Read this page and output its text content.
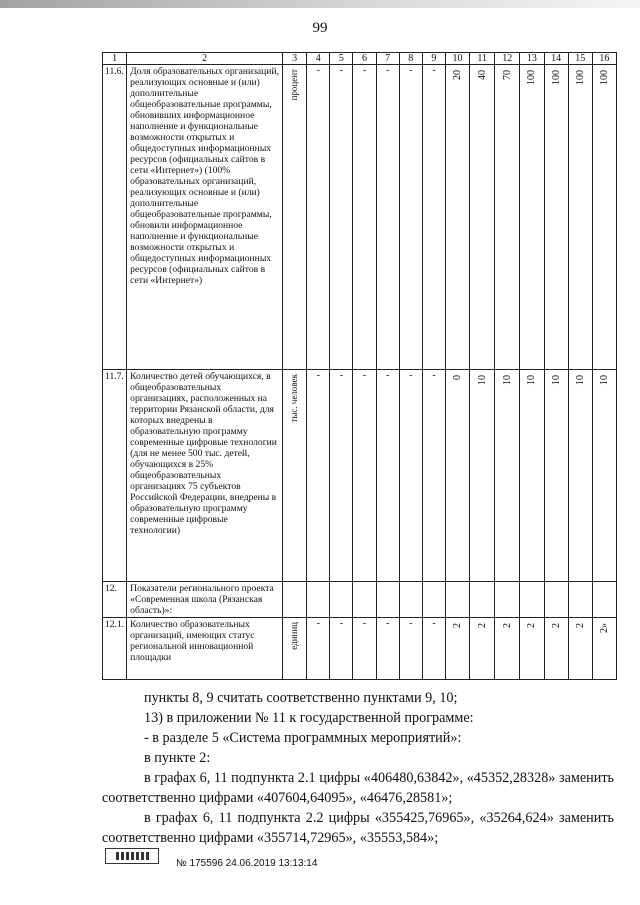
99
1	2	3	4	5	6	7	8	9	10	11	12	13	14	15	16
11.6.	Доля образовательных организаций, реализующих основные и (или) дополнительные общеобразовательные программы, обновивших информационное наполнение и функциональные возможности открытых и общедоступных информационных ресурсов (официальных сайтов в сети «Интернет») (100% образовательных организаций, реализующих основные и (или) дополнительные общеобразовательные программы, обновили информационное наполнение и функциональные возможности открытых и общедоступных информационных ресурсов (официальных сайтов в сети «Интернет»)	процент	-	-	-	-	-	-	20	40	70	100	100	100	100

11.7.	Количество детей обучающихся, в общеобразовательных организациях, расположенных на территории Рязанской области, для которых внедрены в образовательную программу современные цифровые технологии (для не менее 500 тыс. детей, обучающихся в 25% общеобразовательных организациях 75 субъектов Российской Федерации, внедрены в образовательную программу современные цифровые технологии)	тыс. человек	-	-	-	-	-	-	0	10	10	10	10	10	10

12.	Показатели регионального проекта «Современная школа (Рязанская область)»:														
12.1.	Количество образовательных организаций, имеющих статус региональной инновационной площадки	единиц	-	-	-	-	-	-	2	2	2	2	2	2	2»

пункты 8, 9 считать соответственно пунктами 9, 10;

13) в приложении № 11 к государственной программе:

- в разделе 5 «Система программных мероприятий»:

в пункте 2:

в графах 6, 11 подпункта 2.1 цифры «406480,63842», «45352,28328» заменить соответственно цифрами «407604,64095», «46476,28581»;

в графах 6, 11 подпункта 2.2 цифры «355425,76965», «35264,624» заменить соответственно цифрами «355714,72965», «35553,584»;

№ 175596 24.06.2019 13:13:14
